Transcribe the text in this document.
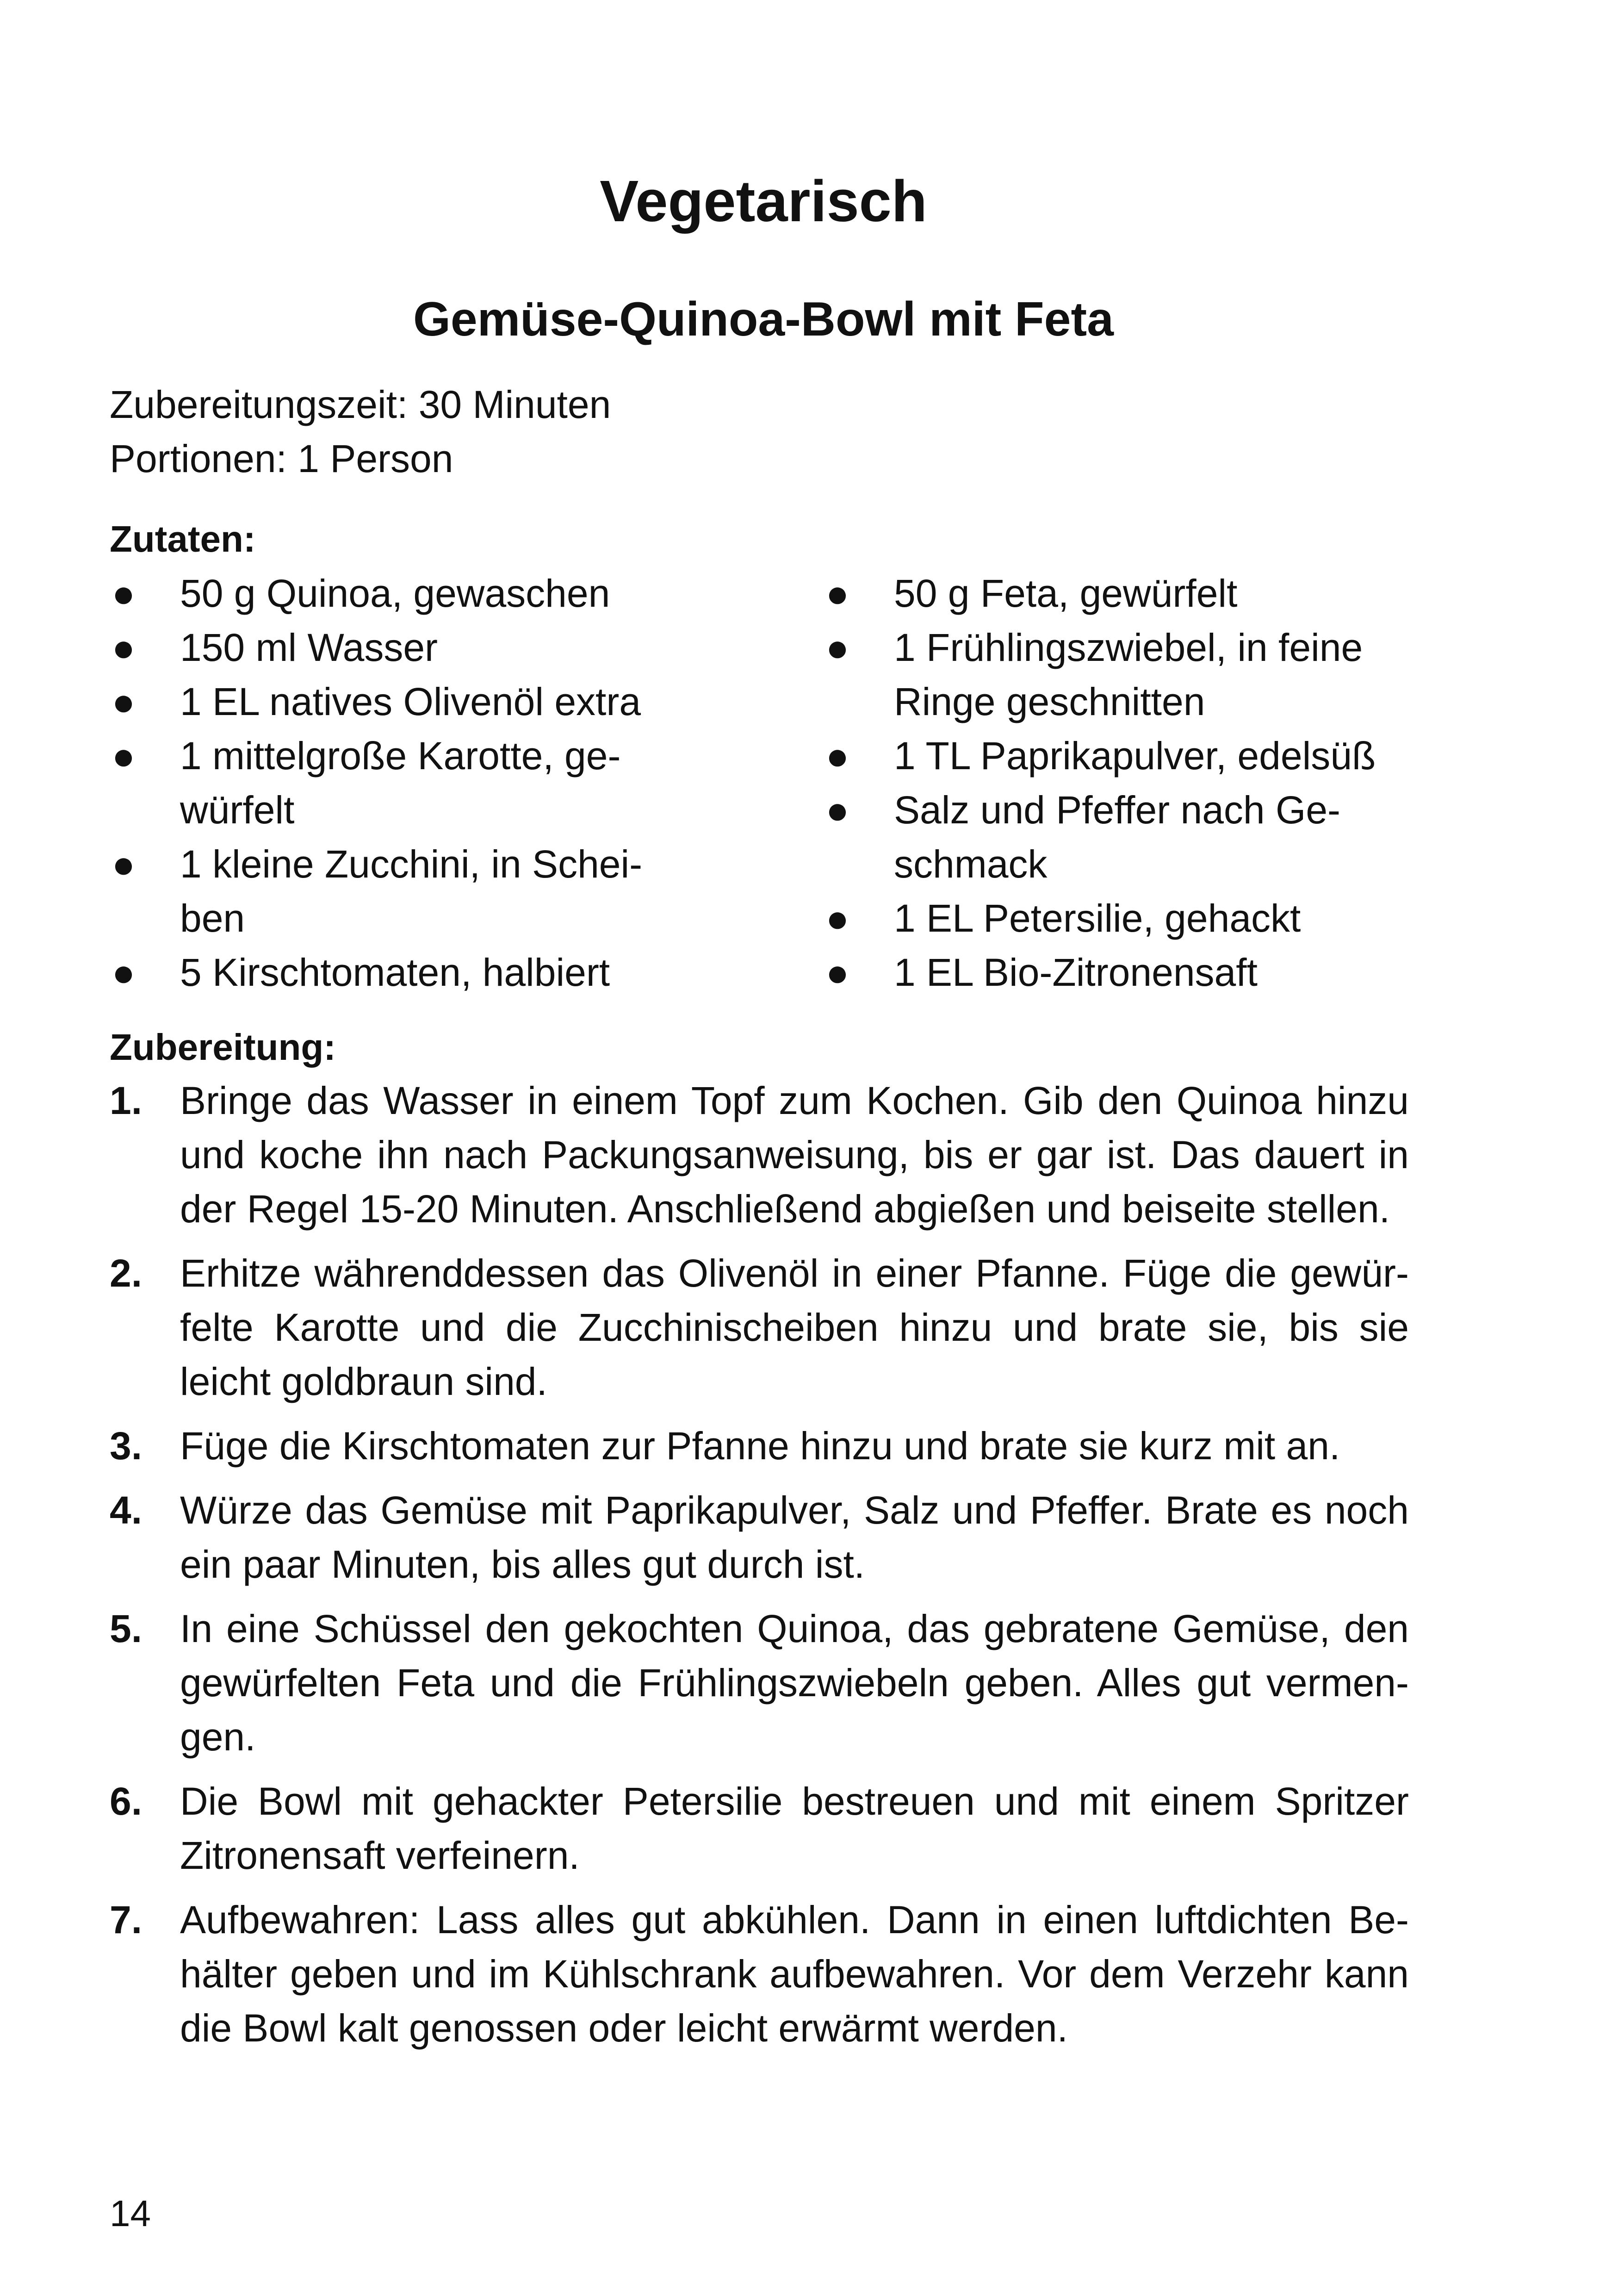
Vegetarisch
Gemüse-Quinoa-Bowl mit Feta
Zubereitungszeit: 30 Minuten
Portionen: 1 Person
Zutaten:
● 50 g Quinoa, gewaschen
● 150 ml Wasser
● 1 EL natives Olivenöl extra
● 1 mittelgroße Karotte, gewürfelt
● 1 kleine Zucchini, in Scheiben
● 5 Kirschtomaten, halbiert
● 50 g Feta, gewürfelt
● 1 Frühlingszwiebel, in feine Ringe geschnitten
● 1 TL Paprikapulver, edelsüß
● Salz und Pfeffer nach Geschmack
● 1 EL Petersilie, gehackt
● 1 EL Bio-Zitronensaft
Zubereitung:
1. Bringe das Wasser in einem Topf zum Kochen. Gib den Quinoa hinzu und koche ihn nach Packungsanweisung, bis er gar ist. Das dauert in der Regel 15-20 Minuten. Anschließend abgießen und beiseite stellen.
2. Erhitze währenddessen das Olivenöl in einer Pfanne. Füge die gewürfelte Karotte und die Zucchinischeiben hinzu und brate sie, bis sie leicht goldbraun sind.
3. Füge die Kirschtomaten zur Pfanne hinzu und brate sie kurz mit an.
4. Würze das Gemüse mit Paprikapulver, Salz und Pfeffer. Brate es noch ein paar Minuten, bis alles gut durch ist.
5. In eine Schüssel den gekochten Quinoa, das gebratene Gemüse, den gewürfelten Feta und die Frühlingszwiebeln geben. Alles gut vermengen.
6. Die Bowl mit gehackter Petersilie bestreuen und mit einem Spritzer Zitronensaft verfeinern.
7. Aufbewahren: Lass alles gut abkühlen. Dann in einen luftdichten Behälter geben und im Kühlschrank aufbewahren. Vor dem Verzehr kann die Bowl kalt genossen oder leicht erwärmt werden.
14
